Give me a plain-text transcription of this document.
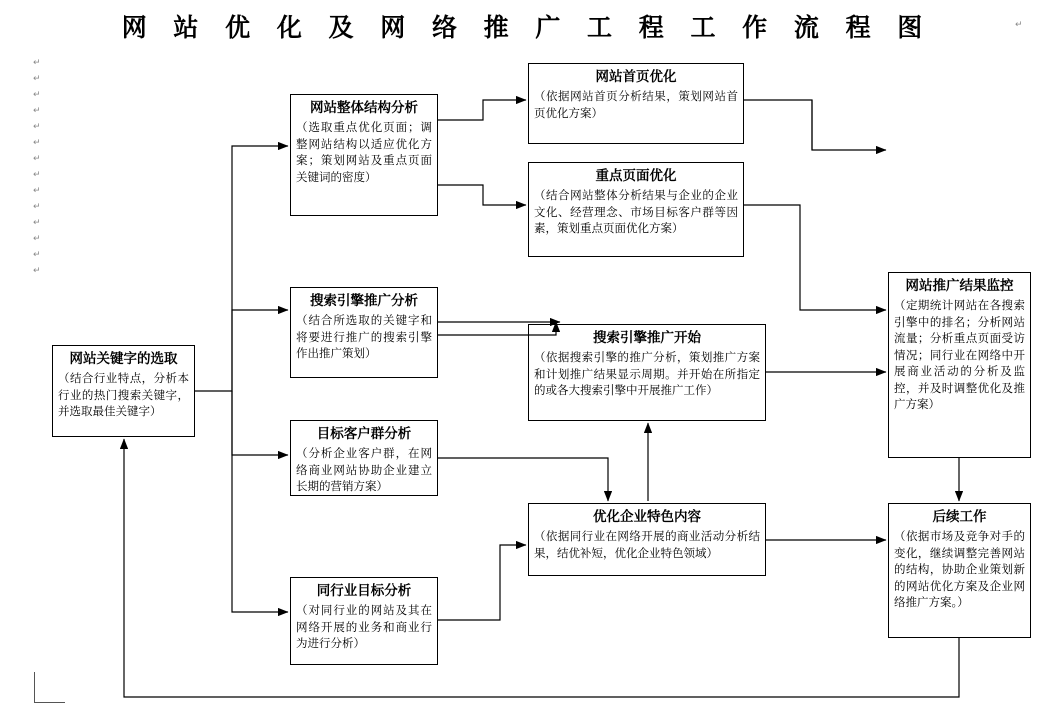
网 站 优 化 及 网 络 推 广 工 程 工 作 流 程 图
↵
↵
↵
↵
↵
↵
↵
↵
↵
↵
↵
↵
↵
↵
↵
网站关键字的选取
（结合行业特点，分析本行业的热门搜索关键字，并选取最佳关键字）
网站整体结构分析
（选取重点优化页面；调整网站结构以适应优化方案；策划网站及重点页面关键词的密度）
搜索引擎推广分析
（结合所选取的关键字和将要进行推广的搜索引擎作出推广策划）
目标客户群分析
（分析企业客户群，在网络商业网站协助企业建立长期的营销方案）
同行业目标分析
（对同行业的网站及其在网络开展的业务和商业行为进行分析）
网站首页优化
（依据网站首页分析结果，策划网站首页优化方案）
重点页面优化
（结合网站整体分析结果与企业的企业文化、经营理念、市场目标客户群等因素，策划重点页面优化方案）
搜索引擎推广开始
（依据搜索引擎的推广分析，策划推广方案和计划推广结果显示周期。并开始在所指定的或各大搜索引擎中开展推广工作）
优化企业特色内容
（依据同行业在网络开展的商业活动分析结果，结优补短，优化企业特色领域）
网站推广结果监控
（定期统计网站在各搜索引擎中的排名；分析网站流量；分析重点页面受访情况；同行业在网络中开展商业活动的分析及监控，并及时调整优化及推广方案）
后续工作
（依据市场及竞争对手的变化，继续调整完善网站的结构，协助企业策划新的网站优化方案及企业网络推广方案。）
